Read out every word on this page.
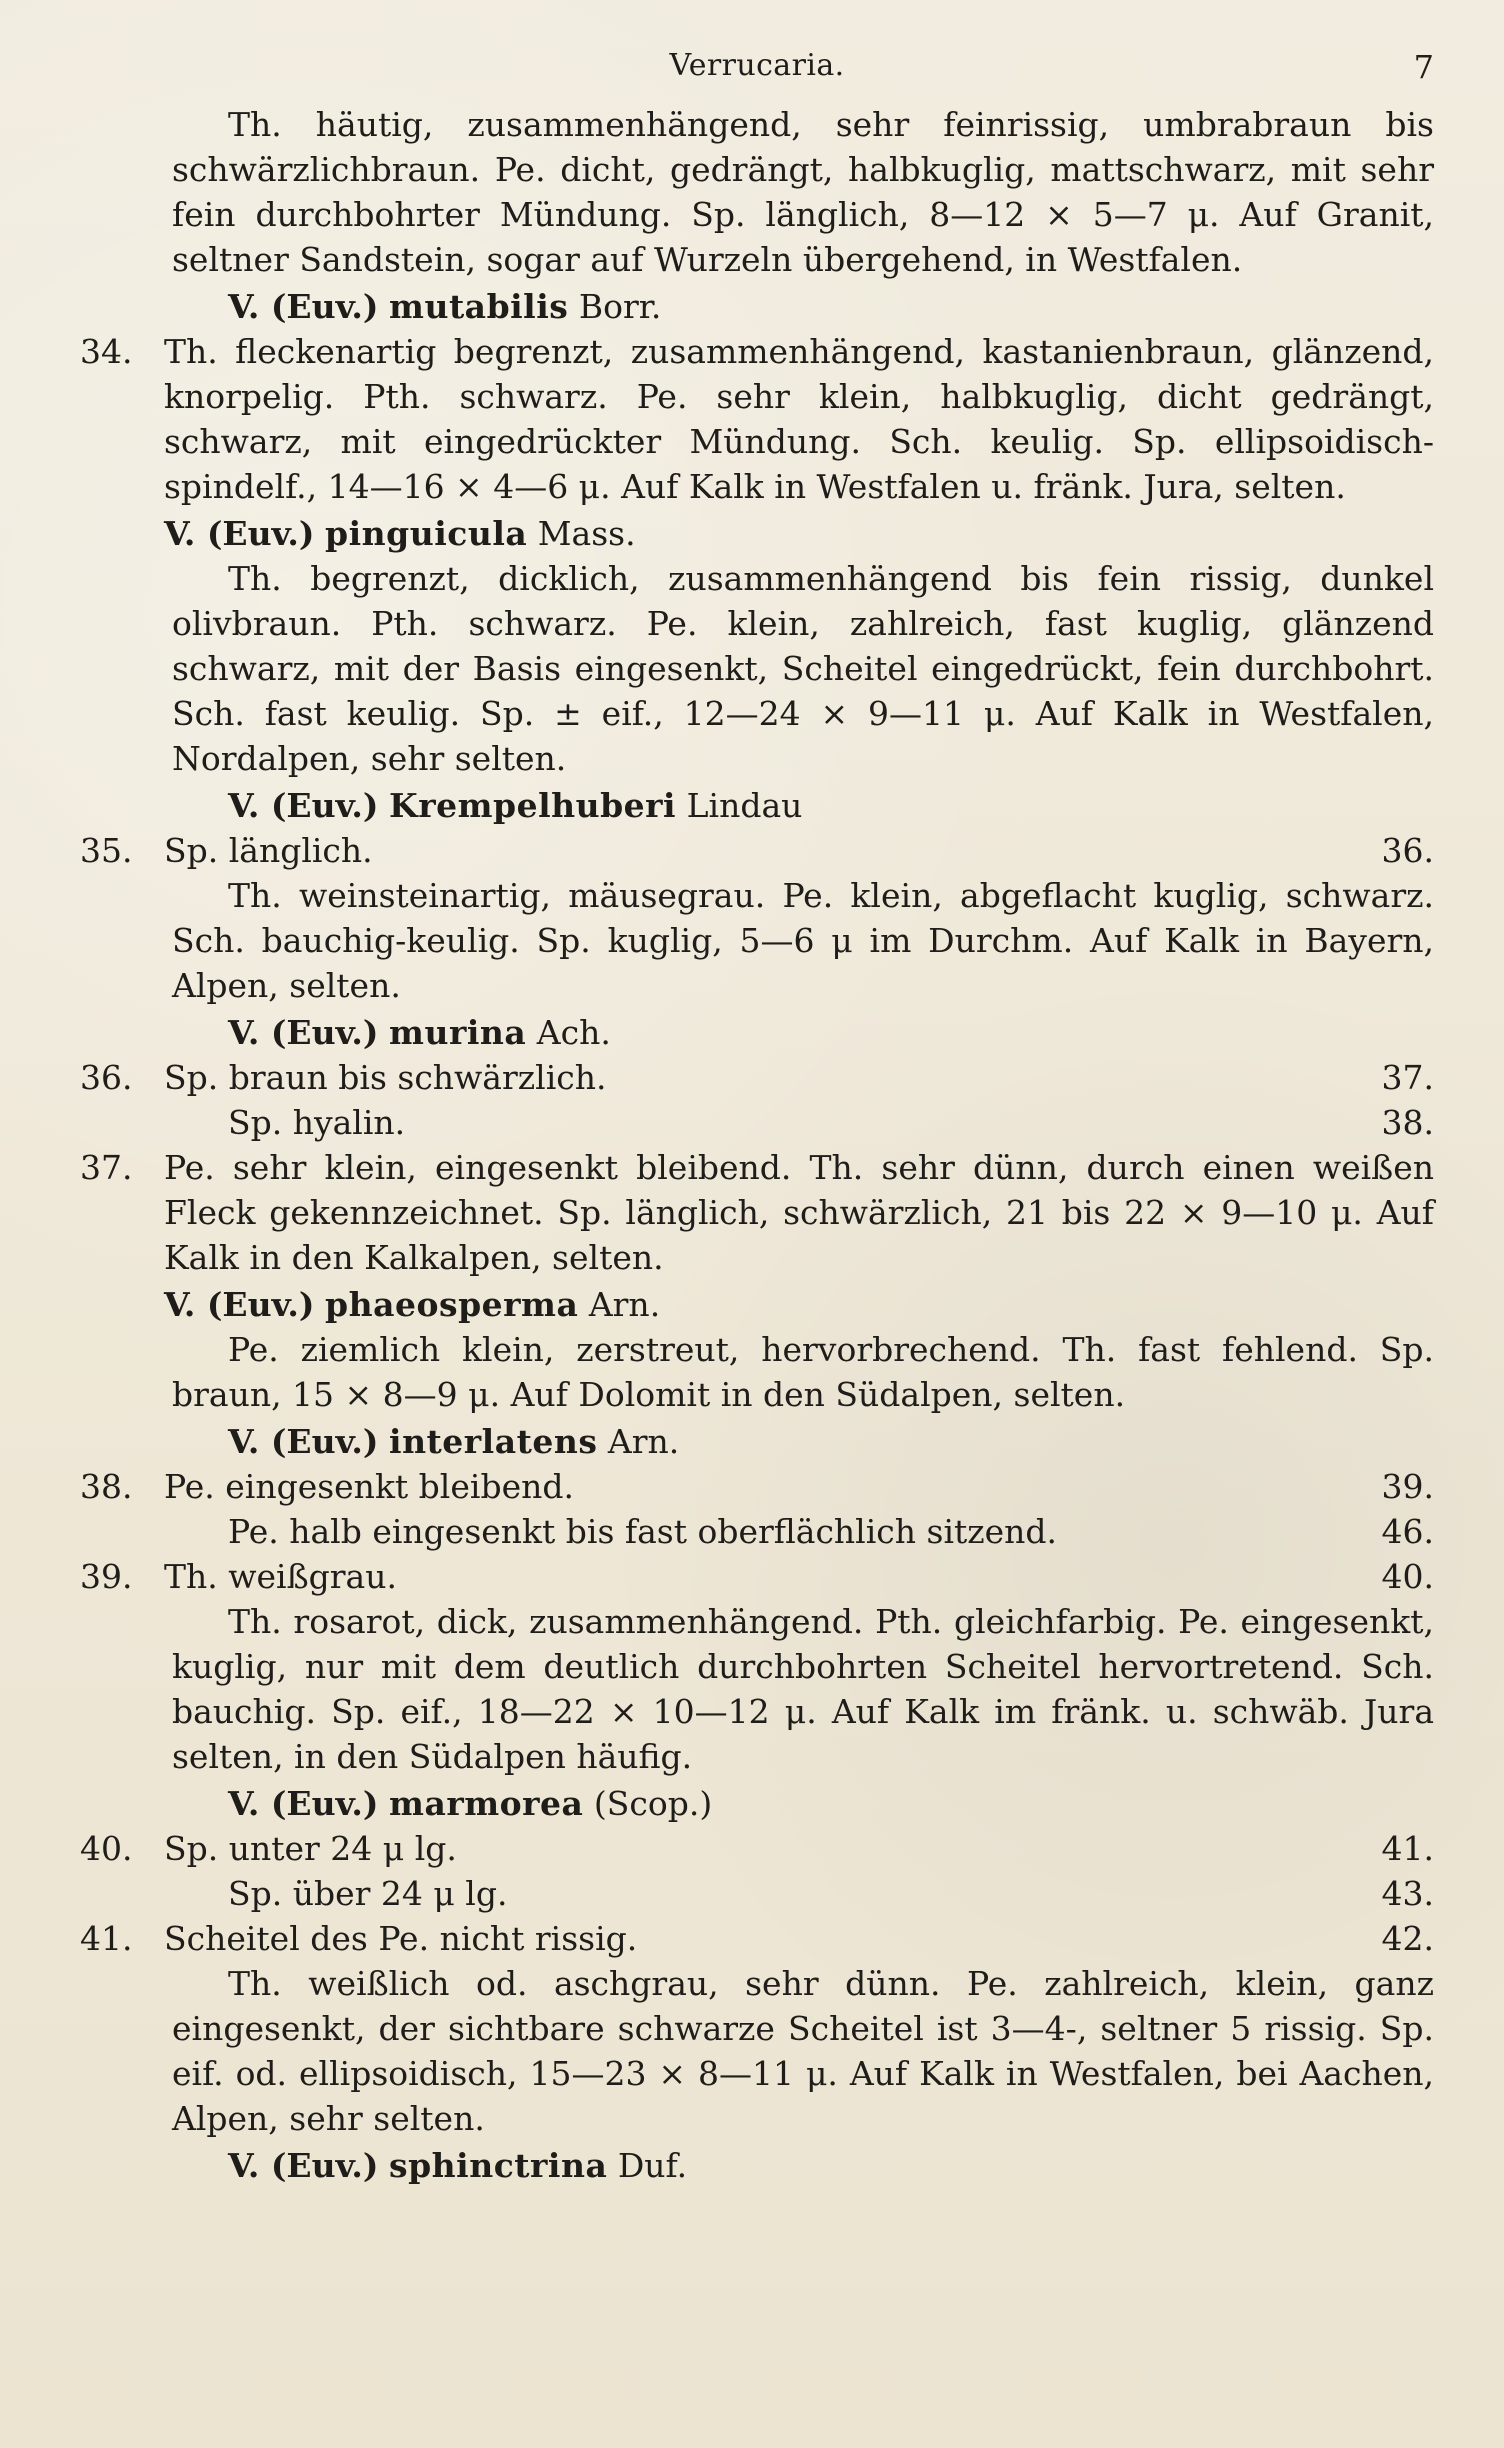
Verrucaria.	7
Th. häutig, zusammenhängend, sehr feinrissig, umbrabraun bis schwärzlichbraun. Pe. dicht, gedrängt, halbkuglig, mattschwarz, mit sehr fein durchbohrter Mündung. Sp. länglich, 8—12 × 5—7 μ. Auf Granit, seltner Sandstein, sogar auf Wurzeln übergehend, in Westfalen.
V. (Euv.) mutabilis Borr.
34. Th. fleckenartig begrenzt, zusammenhängend, kastanienbraun, glänzend, knorpelig. Pth. schwarz. Pe. sehr klein, halbkuglig, dicht gedrängt, schwarz, mit eingedrückter Mündung. Sch. keulig. Sp. ellipsoidisch-spindelf., 14—16 × 4—6 μ. Auf Kalk in Westfalen u. fränk. Jura, selten.
V. (Euv.) pinguicula Mass.
Th. begrenzt, dicklich, zusammenhängend bis fein rissig, dunkel olivbraun. Pth. schwarz. Pe. klein, zahlreich, fast kuglig, glänzend schwarz, mit der Basis eingesenkt, Scheitel eingedrückt, fein durchbohrt. Sch. fast keulig. Sp. ± eif., 12—24 × 9—11 μ. Auf Kalk in Westfalen, Nordalpen, sehr selten.
V. (Euv.) Krempelhuberi Lindau
35. Sp. länglich.	36.
Th. weinsteinartig, mäusegrau. Pe. klein, abgeflacht kuglig, schwarz. Sch. bauchig-keulig. Sp. kuglig, 5—6 μ im Durchm. Auf Kalk in Bayern, Alpen, selten.
V. (Euv.) murina Ach.
36. Sp. braun bis schwärzlich.	37.
Sp. hyalin.	38.
37. Pe. sehr klein, eingesenkt bleibend. Th. sehr dünn, durch einen weißen Fleck gekennzeichnet. Sp. länglich, schwärzlich, 21 bis 22 × 9—10 μ. Auf Kalk in den Kalkalpen, selten.
V. (Euv.) phaeosperma Arn.
Pe. ziemlich klein, zerstreut, hervorbrechend. Th. fast fehlend. Sp. braun, 15 × 8—9 μ. Auf Dolomit in den Südalpen, selten.
V. (Euv.) interlatens Arn.
38. Pe. eingesenkt bleibend.	39.
Pe. halb eingesenkt bis fast oberflächlich sitzend.	46.
39. Th. weißgrau.	40.
Th. rosarot, dick, zusammenhängend. Pth. gleichfarbig. Pe. eingesenkt, kuglig, nur mit dem deutlich durchbohrten Scheitel hervortretend. Sch. bauchig. Sp. eif., 18—22 × 10—12 μ. Auf Kalk im fränk. u. schwäb. Jura selten, in den Südalpen häufig.
V. (Euv.) marmorea (Scop.)
40. Sp. unter 24 μ lg.	41.
Sp. über 24 μ lg.	43.
41. Scheitel des Pe. nicht rissig.	42.
Th. weißlich od. aschgrau, sehr dünn. Pe. zahlreich, klein, ganz eingesenkt, der sichtbare schwarze Scheitel ist 3—4-, seltner 5 rissig. Sp. eif. od. ellipsoidisch, 15—23 × 8—11 μ. Auf Kalk in Westfalen, bei Aachen, Alpen, sehr selten.
V. (Euv.) sphinctrina Duf.
